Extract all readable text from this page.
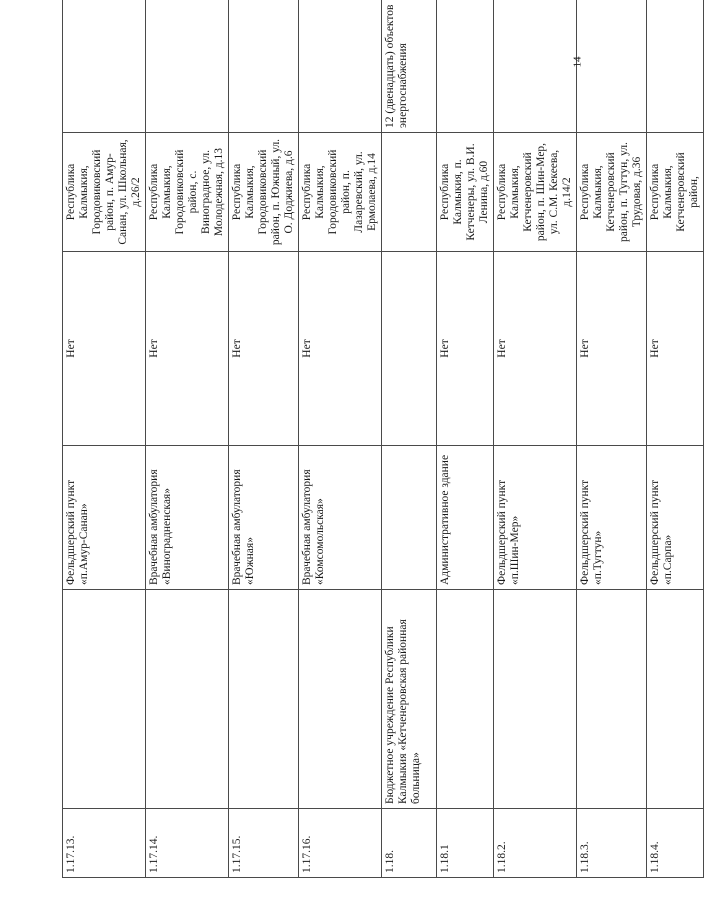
1.17.13.		Фельдшерский пункт «п.Амур-Санан»	Нет	Республика Калмыкия, Городовиковский район, п. Амур-Санан, ул. Школьная, д.26/2	
1.17.14.		Врачебная амбулатория «Виноградненская»	Нет	Республика Калмыкия, Городовиковский район, с. Виноградное, ул. Молодежная, д.13	
1.17.15.		Врачебная амбулатория «Южная»	Нет	Республика Калмыкия, Городовиковский район, п. Южный, ул. О. Доджиева, д.6	
1.17.16.		Врачебная амбулатория «Комсомольская»	Нет	Республика Калмыкия, Городовиковский район, п. Лазаревский, ул. Ермолаева, д.14	
1.18.	Бюджетное учреждение Республики Калмыкия «Кетченеровская районная больница»				12 (двенадцать) объектов энергоснабжения
1.18.1		Административное здание	Нет	Республика Калмыкия, п. Кетченеры, ул. В.И. Ленина, д.60	
1.18.2.		Фельдшерский пункт «п.Шин-Мер»	Нет	Республика Калмыкия, Кетченеровский район, п. Шин-Мер, ул. С.М. Кекеева, д.14/2	
1.18.3.		Фельдшерский пункт «п.Тугтун»	Нет	Республика Калмыкия, Кетченеровский район, п. Тугтун, ул. Трудовая, д.36	
1.18.4.		Фельдшерский пункт «п.Сарпа»	Нет	Республика Калмыкия, Кетченеровский район,	
14
